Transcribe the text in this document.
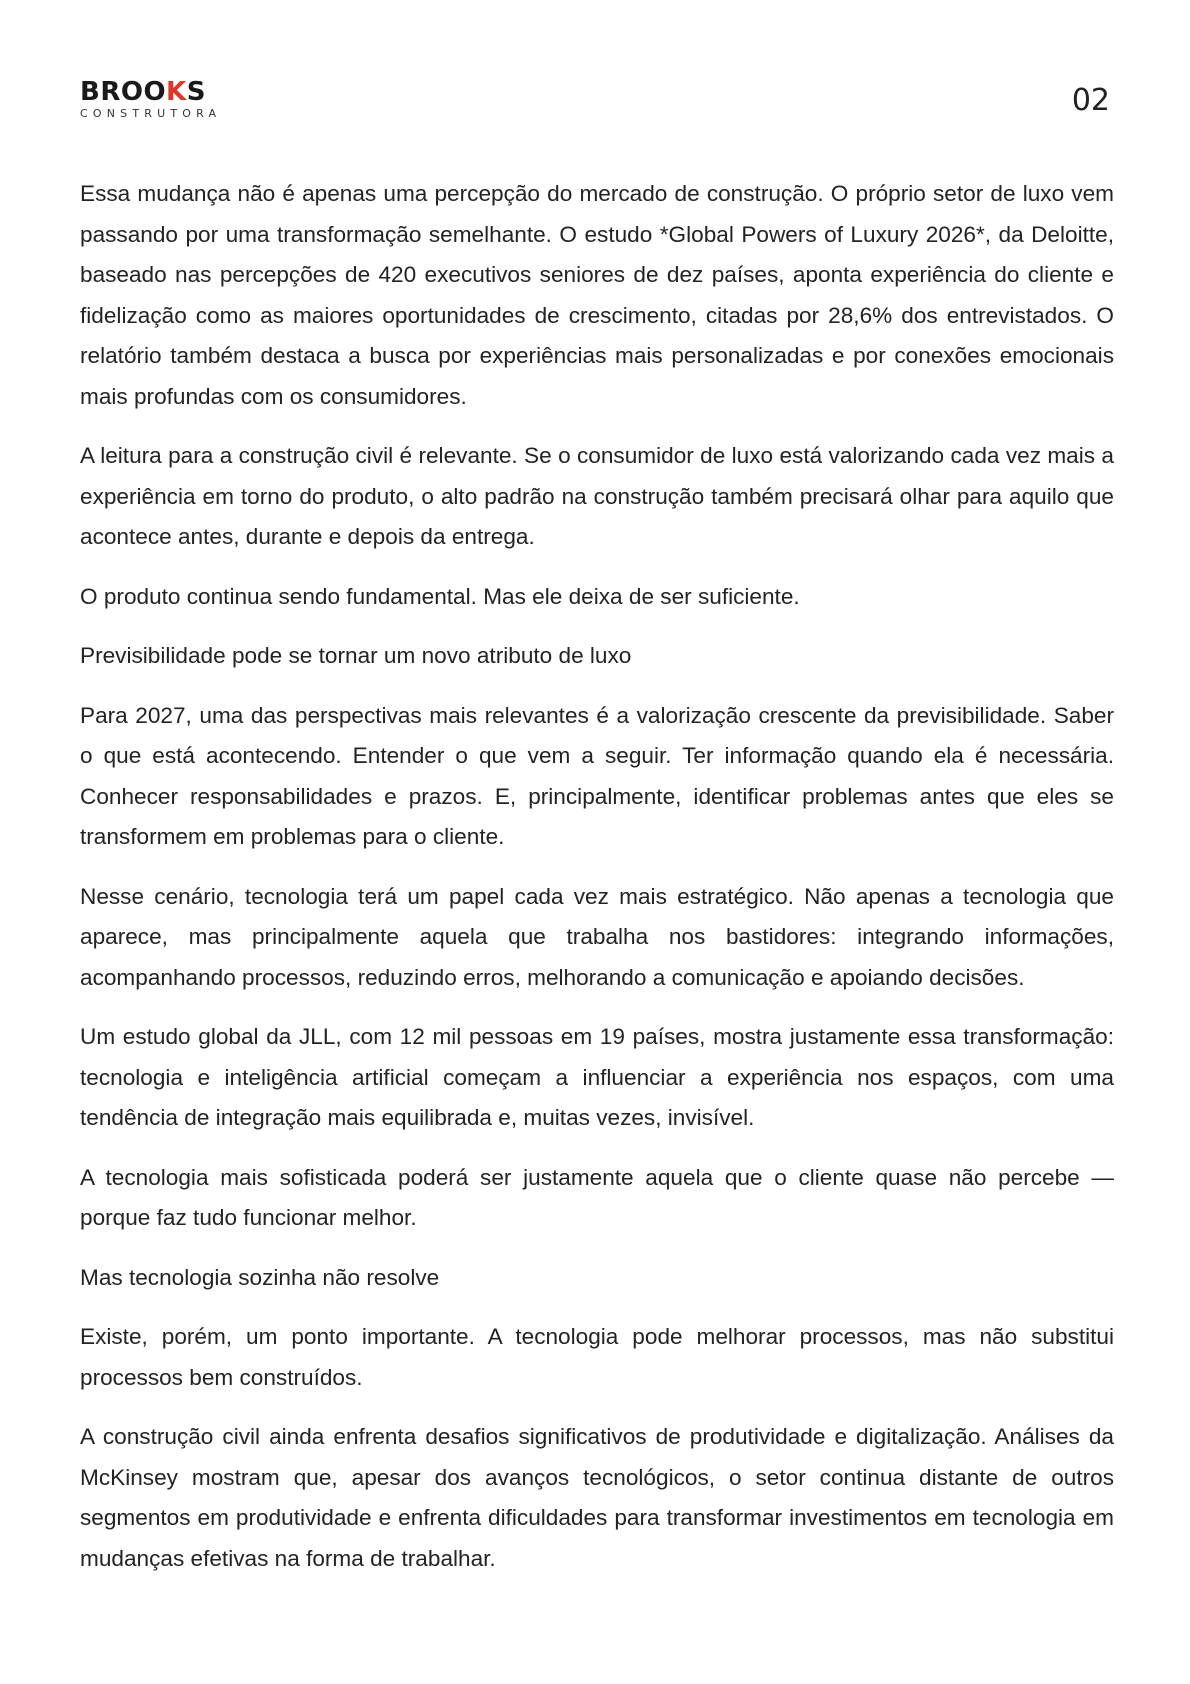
BROOKS
CONSTRUTORA	02

Essa mudança não é apenas uma percepção do mercado de construção. O próprio setor de luxo vem passando por uma transformação semelhante. O estudo *Global Powers of Luxury 2026*, da Deloitte, baseado nas percepções de 420 executivos seniores de dez países, aponta experiência do cliente e fidelização como as maiores oportunidades de crescimento, citadas por 28,6% dos entrevistados. O relatório também destaca a busca por experiências mais personalizadas e por conexões emocionais mais profundas com os consumidores.

A leitura para a construção civil é relevante. Se o consumidor de luxo está valorizando cada vez mais a experiência em torno do produto, o alto padrão na construção também precisará olhar para aquilo que acontece antes, durante e depois da entrega.

O produto continua sendo fundamental. Mas ele deixa de ser suficiente.

Previsibilidade pode se tornar um novo atributo de luxo

Para 2027, uma das perspectivas mais relevantes é a valorização crescente da previsibilidade. Saber o que está acontecendo. Entender o que vem a seguir. Ter informação quando ela é necessária. Conhecer responsabilidades e prazos. E, principalmente, identificar problemas antes que eles se transformem em problemas para o cliente.

Nesse cenário, tecnologia terá um papel cada vez mais estratégico. Não apenas a tecnologia que aparece, mas principalmente aquela que trabalha nos bastidores: integrando informações, acompanhando processos, reduzindo erros, melhorando a comunicação e apoiando decisões.

Um estudo global da JLL, com 12 mil pessoas em 19 países, mostra justamente essa transformação: tecnologia e inteligência artificial começam a influenciar a experiência nos espaços, com uma tendência de integração mais equilibrada e, muitas vezes, invisível.

A tecnologia mais sofisticada poderá ser justamente aquela que o cliente quase não percebe — porque faz tudo funcionar melhor.

Mas tecnologia sozinha não resolve

Existe, porém, um ponto importante. A tecnologia pode melhorar processos, mas não substitui processos bem construídos.

A construção civil ainda enfrenta desafios significativos de produtividade e digitalização. Análises da McKinsey mostram que, apesar dos avanços tecnológicos, o setor continua distante de outros segmentos em produtividade e enfrenta dificuldades para transformar investimentos em tecnologia em mudanças efetivas na forma de trabalhar.
